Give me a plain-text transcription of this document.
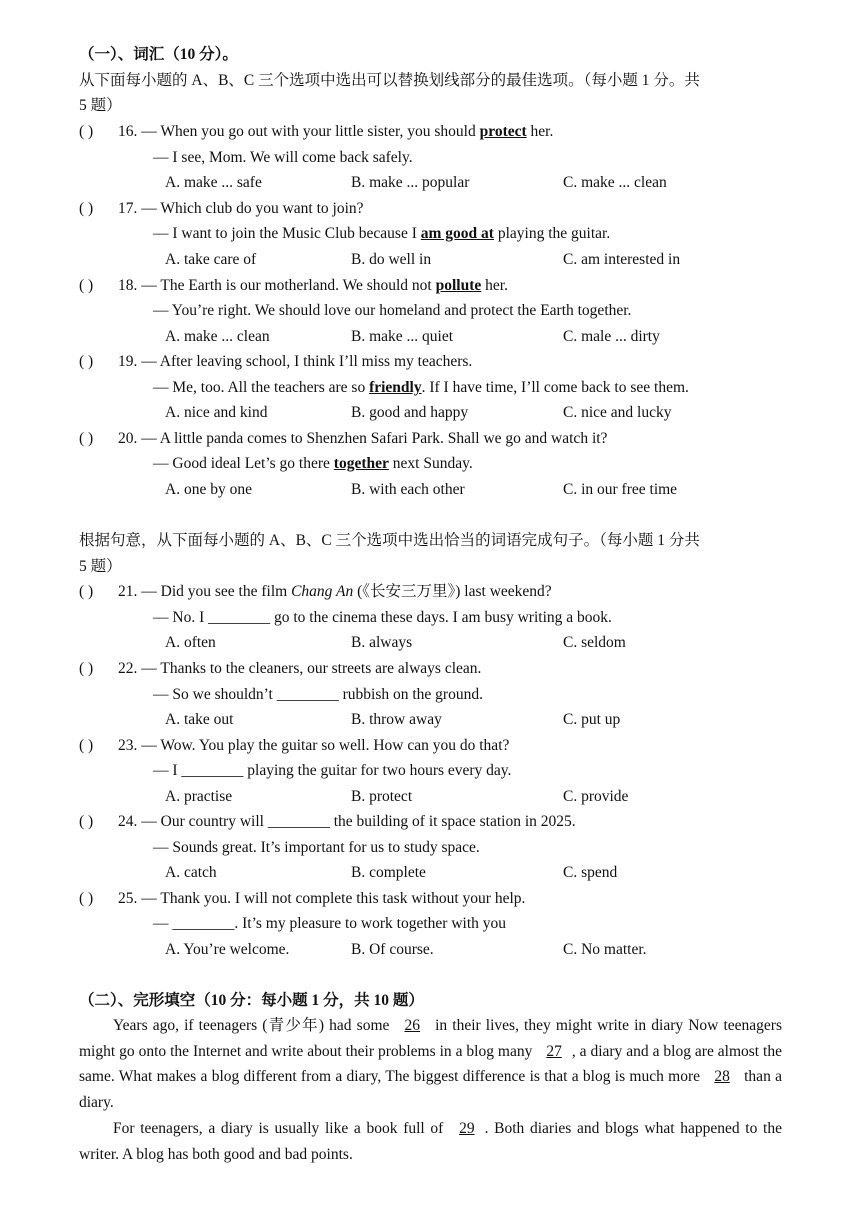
（一）、词汇（10 分）。
从下面每小题的 A、B、C 三个选项中选出可以替换划线部分的最佳选项。（每小题 1 分。共
5 题）
( ) 16. — When you go out with your little sister, you should protect her.
— I see, Mom. We will come back safely.
A. make ... safe	B. make ... popular	C. make ... clean
( ) 17. — Which club do you want to join?
— I want to join the Music Club because I am good at playing the guitar.
A. take care of	B. do well in	C. am interested in
( ) 18. — The Earth is our motherland. We should not pollute her.
— You’re right. We should love our homeland and protect the Earth together.
A. make ... clean	B. make ... quiet	C. male ... dirty
( ) 19. — After leaving school, I think I’ll miss my teachers.
— Me, too. All the teachers are so friendly. If I have time, I’ll come back to see them.
A. nice and kind	B. good and happy	C. nice and lucky
( ) 20. — A little panda comes to Shenzhen Safari Park. Shall we go and watch it?
— Good ideal Let’s go there together next Sunday.
A. one by one	B. with each other	C. in our free time
根据句意，从下面每小题的 A、B、C 三个选项中选出恰当的词语完成句子。（每小题 1 分共
5 题）
( ) 21. — Did you see the film Chang An (《长安三万里》) last weekend?
— No. I ________ go to the cinema these days. I am busy writing a book.
A. often	B. always	C. seldom
( ) 22. — Thanks to the cleaners, our streets are always clean.
— So we shouldn’t ________ rubbish on the ground.
A. take out	B. throw away	C. put up
( ) 23. — Wow. You play the guitar so well. How can you do that?
— I ________ playing the guitar for two hours every day.
A. practise	B. protect	C. provide
( ) 24. — Our country will ________ the building of it space station in 2025.
— Sounds great. It’s important for us to study space.
A. catch	B. complete	C. spend
( ) 25. — Thank you. I will not complete this task without your help.
— ________. It’s my pleasure to work together with you
A. You’re welcome.	B. Of course.	C. No matter.
（二）、完形填空（10 分：每小题 1 分，共 10 题）
Years ago, if teenagers (青少年) had some 26 in their lives, they might write in diary Now teenagers might go onto the Internet and write about their problems in a blog many 27 , a diary and a blog are almost the same. What makes a blog different from a diary, The biggest difference is that a blog is much more 28 than a diary.
For teenagers, a diary is usually like a book full of 29 . Both diaries and blogs what happened to the writer. A blog has both good and bad points.
